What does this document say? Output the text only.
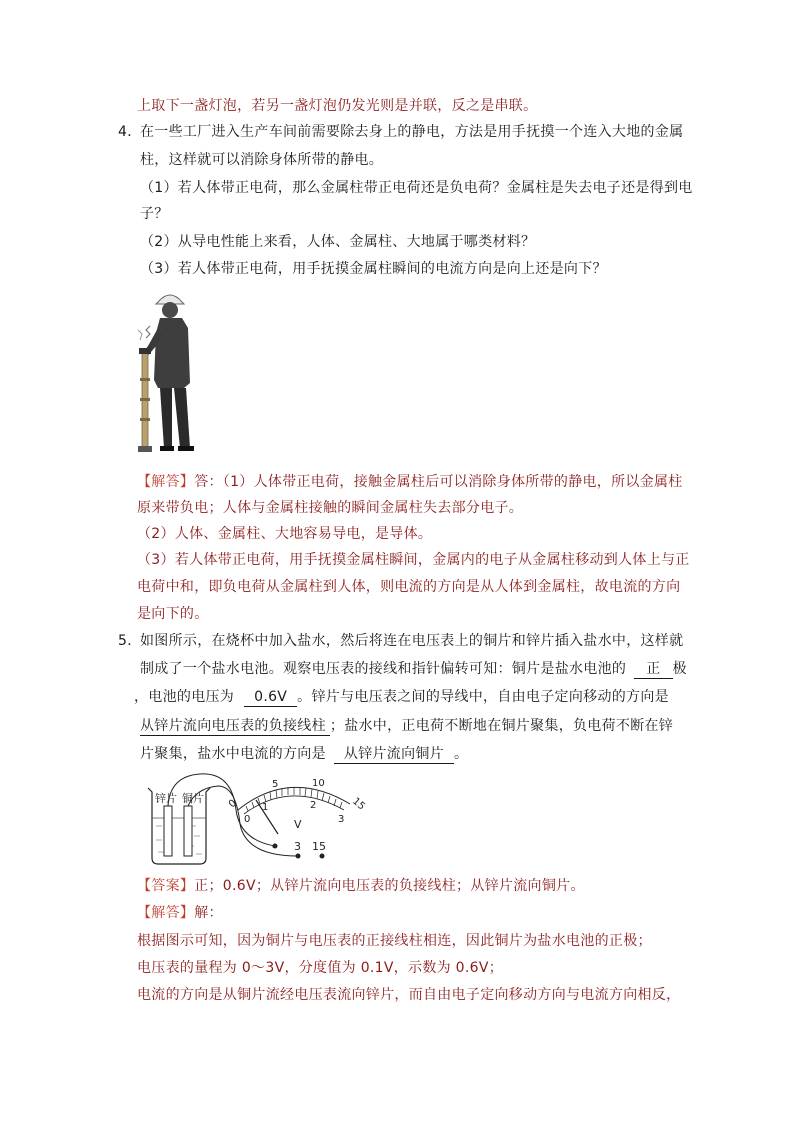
上取下一盏灯泡，若另一盏灯泡仍发光则是并联，反之是串联。
4．
在一些工厂进入生产车间前需要除去身上的静电，方法是用手抚摸一个连入大地的金属
柱，这样就可以消除身体所带的静电。
（1）若人体带正电荷，那么金属柱带正电荷还是负电荷？金属柱是失去电子还是得到电
子？
（2）从导电性能上来看，人体、金属柱、大地属于哪类材料？
（3）若人体带正电荷，用手抚摸金属柱瞬间的电流方向是向上还是向下？
【解答】答：（1）人体带正电荷，接触金属柱后可以消除身体所带的静电，所以金属柱
原来带负电；人体与金属柱接触的瞬间金属柱失去部分电子。
（2）人体、金属柱、大地容易导电，是导体。
（3）若人体带正电荷，用手抚摸金属柱瞬间，金属内的电子从金属柱移动到人体上与正
电荷中和，即负电荷从金属柱到人体，则电流的方向是从人体到金属柱，故电流的方向
是向下的。
5．
如图所示，在烧杯中加入盐水，然后将连在电压表上的铜片和锌片插入盐水中，这样就
制成了一个盐水电池。观察电压表的接线和指针偏转可知：铜片是盐水电池的 正 极
，电池的电压为 0.6V 。锌片与电压表之间的导线中，自由电子定向移动的方向是
从锌片流向电压表的负接线柱 ；盐水中，正电荷不断地在铜片聚集，负电荷不断在锌
片聚集，盐水中电流的方向是 从锌片流向铜片 。
锌片 铜片 0
5	10
15
0
1	2
3
V
- 3 15
【答案】正；0.6V；从锌片流向电压表的负接线柱；从锌片流向铜片。
【解答】解：
根据图示可知，因为铜片与电压表的正接线柱相连，因此铜片为盐水电池的正极；
电压表的量程为 0～3V，分度值为 0.1V，示数为 0.6V；
电流的方向是从铜片流经电压表流向锌片，而自由电子定向移动方向与电流方向相反，
